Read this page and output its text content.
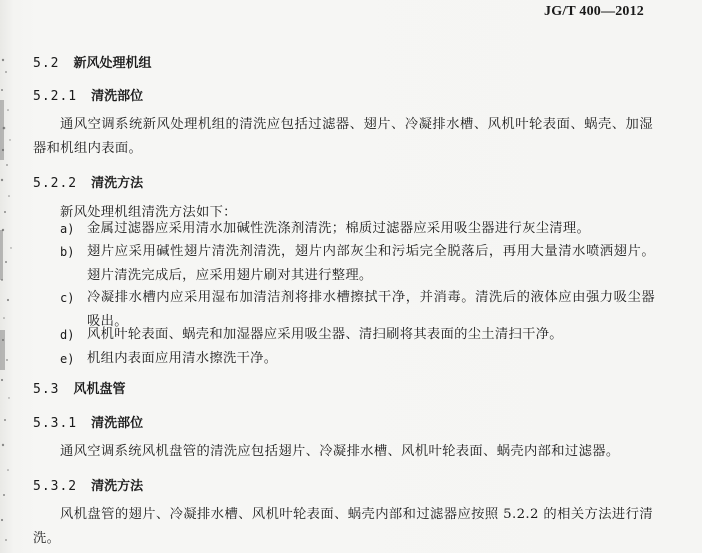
JG/T 400—2012
5.2 新风处理机组
5.2.1 清洗部位
通风空调系统新风处理机组的清洗应包括过滤器、翅片、冷凝排水槽、风机叶轮表面、蜗壳、加湿器和机组内表面。
5.2.2 清洗方法
新风处理机组清洗方法如下：
a) 金属过滤器应采用清水加碱性洗涤剂清洗；棉质过滤器应采用吸尘器进行灰尘清理。
b) 翅片应采用碱性翅片清洗剂清洗，翅片内部灰尘和污垢完全脱落后，再用大量清水喷洒翅片。翅片清洗完成后，应采用翅片刷对其进行整理。
c) 冷凝排水槽内应采用湿布加清洁剂将排水槽擦拭干净，并消毒。清洗后的液体应由强力吸尘器吸出。
d) 风机叶轮表面、蜗壳和加湿器应采用吸尘器、清扫刷将其表面的尘土清扫干净。
e) 机组内表面应用清水擦洗干净。
5.3 风机盘管
5.3.1 清洗部位
通风空调系统风机盘管的清洗应包括翅片、冷凝排水槽、风机叶轮表面、蜗壳内部和过滤器。
5.3.2 清洗方法
风机盘管的翅片、冷凝排水槽、风机叶轮表面、蜗壳内部和过滤器应按照 5.2.2 的相关方法进行清洗。
